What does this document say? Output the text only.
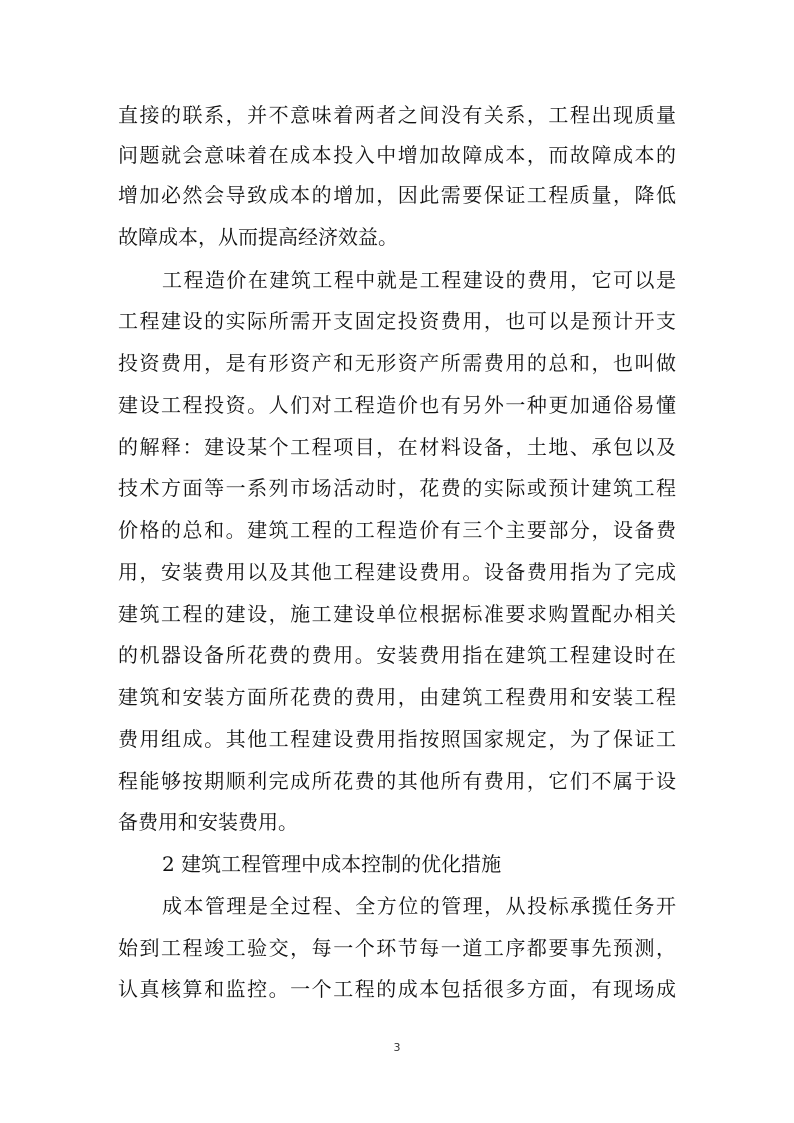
直接的联系，并不意味着两者之间没有关系，工程出现质量
问题就会意味着在成本投入中增加故障成本，而故障成本的
增加必然会导致成本的增加，因此需要保证工程质量，降低
故障成本，从而提高经济效益。
工程造价在建筑工程中就是工程建设的费用，它可以是
工程建设的实际所需开支固定投资费用，也可以是预计开支
投资费用，是有形资产和无形资产所需费用的总和，也叫做
建设工程投资。人们对工程造价也有另外一种更加通俗易懂
的解释：建设某个工程项目，在材料设备，土地、承包以及
技术方面等一系列市场活动时，花费的实际或预计建筑工程
价格的总和。建筑工程的工程造价有三个主要部分，设备费
用，安装费用以及其他工程建设费用。设备费用指为了完成
建筑工程的建设，施工建设单位根据标准要求购置配办相关
的机器设备所花费的费用。安装费用指在建筑工程建设时在
建筑和安装方面所花费的费用，由建筑工程费用和安装工程
费用组成。其他工程建设费用指按照国家规定，为了保证工
程能够按期顺利完成所花费的其他所有费用，它们不属于设
备费用和安装费用。
2 建筑工程管理中成本控制的优化措施
成本管理是全过程、全方位的管理，从投标承揽任务开
始到工程竣工验交，每一个环节每一道工序都要事先预测，
认真核算和监控。一个工程的成本包括很多方面，有现场成
3
